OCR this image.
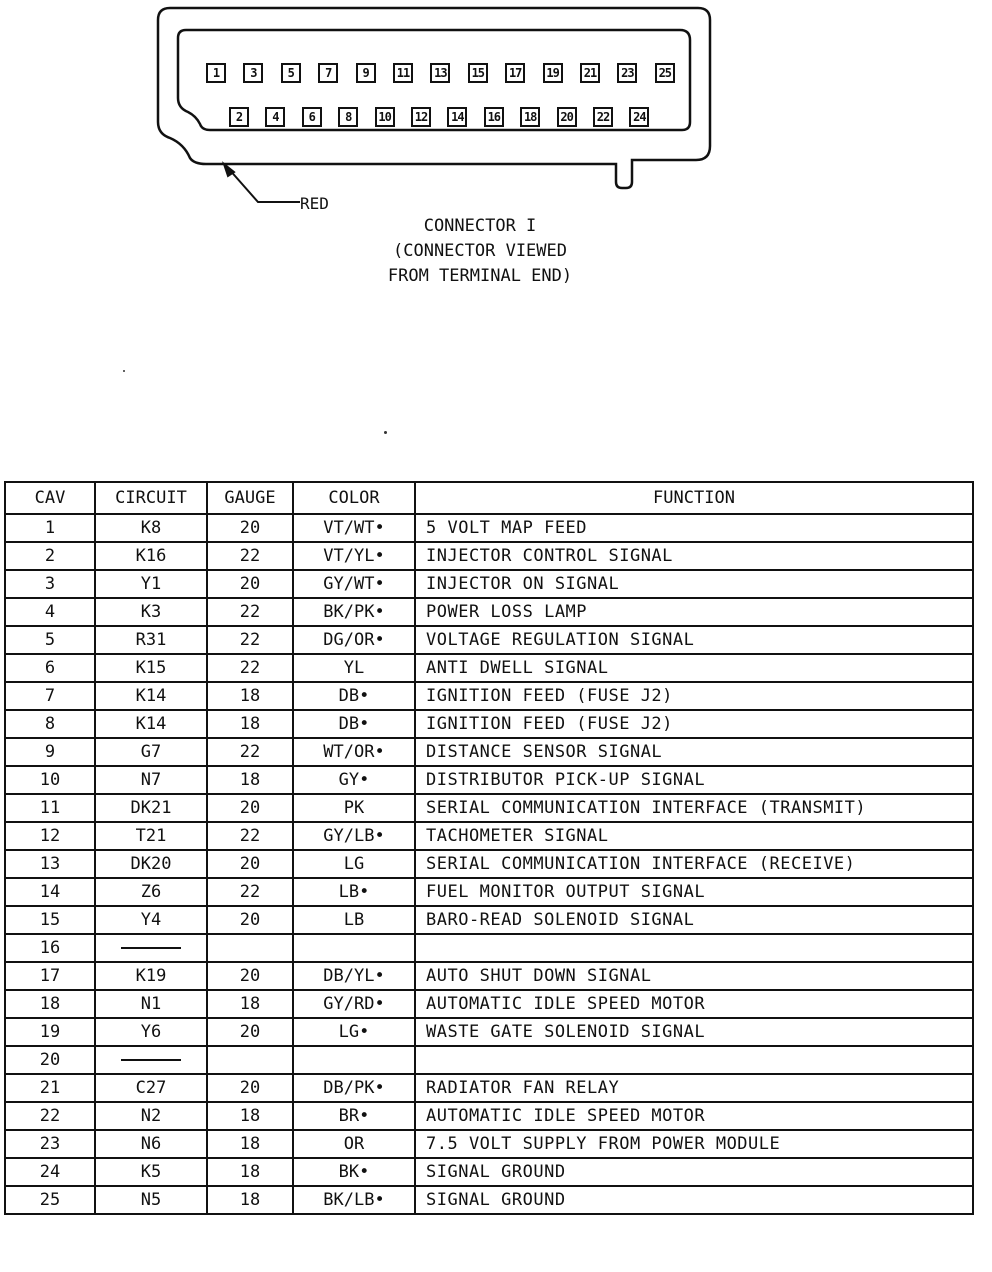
1	3	5	7	9	11	13	15	17	19	21	23	25
2	4	6	8	10	12	14	16	18	20	22	24
RED
CONNECTOR I
(CONNECTOR VIEWED
FROM TERMINAL END)
CAV	CIRCUIT	GAUGE	COLOR	FUNCTION
1	K8	20	VT/WT•	5 VOLT MAP FEED
2	K16	22	VT/YL•	INJECTOR CONTROL SIGNAL
3	Y1	20	GY/WT•	INJECTOR ON SIGNAL
4	K3	22	BK/PK•	POWER LOSS LAMP
5	R31	22	DG/OR•	VOLTAGE REGULATION SIGNAL
6	K15	22	YL	ANTI DWELL SIGNAL
7	K14	18	DB•	IGNITION FEED (FUSE J2)
8	K14	18	DB•	IGNITION FEED (FUSE J2)
9	G7	22	WT/OR•	DISTANCE SENSOR SIGNAL
10	N7	18	GY•	DISTRIBUTOR PICK-UP SIGNAL
11	DK21	20	PK	SERIAL COMMUNICATION INTERFACE (TRANSMIT)
12	T21	22	GY/LB•	TACHOMETER SIGNAL
13	DK20	20	LG	SERIAL COMMUNICATION INTERFACE (RECEIVE)
14	Z6	22	LB•	FUEL MONITOR OUTPUT SIGNAL
15	Y4	20	LB	BARO-READ SOLENOID SIGNAL
16				
17	K19	20	DB/YL•	AUTO SHUT DOWN SIGNAL
18	N1	18	GY/RD•	AUTOMATIC IDLE SPEED MOTOR
19	Y6	20	LG•	WASTE GATE SOLENOID SIGNAL
20				
21	C27	20	DB/PK•	RADIATOR FAN RELAY
22	N2	18	BR•	AUTOMATIC IDLE SPEED MOTOR
23	N6	18	OR	7.5 VOLT SUPPLY FROM POWER MODULE
24	K5	18	BK•	SIGNAL GROUND
25	N5	18	BK/LB•	SIGNAL GROUND
